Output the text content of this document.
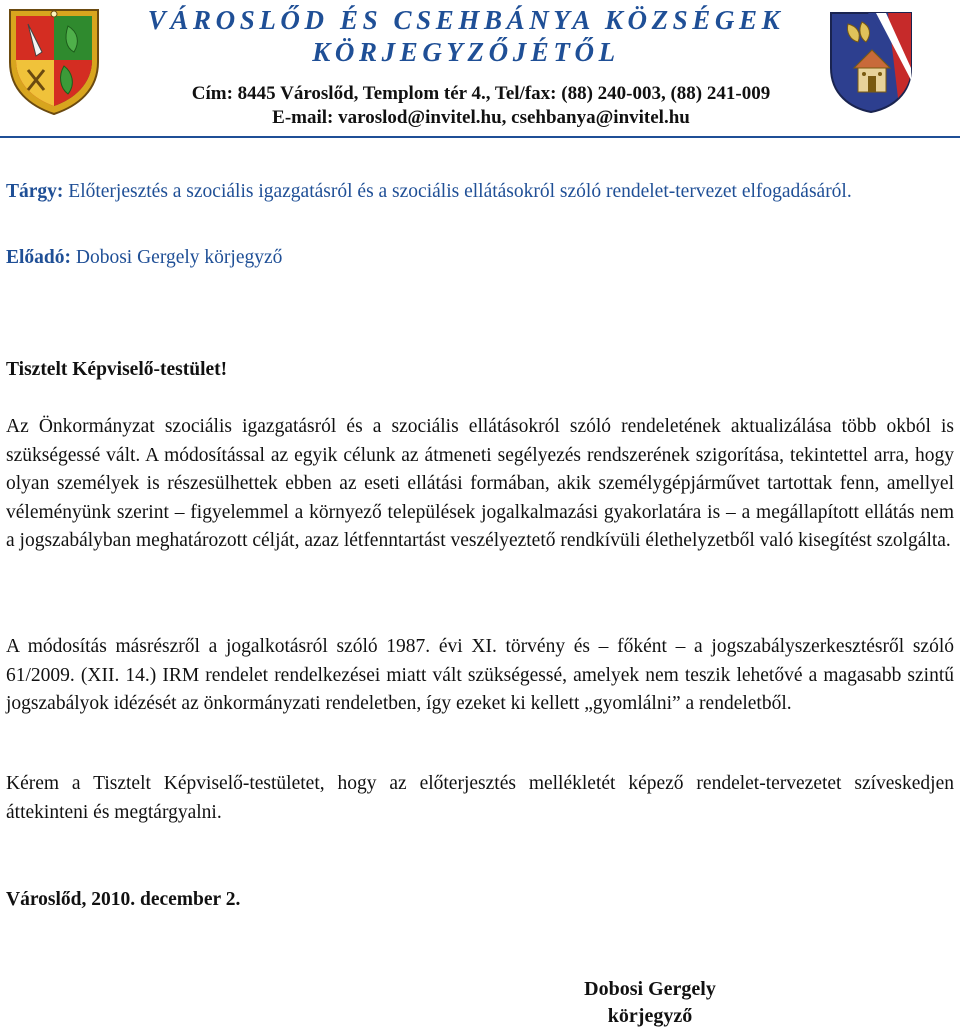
VÁROSLŐD ÉS CSEHBÁNYA KÖZSÉGEK
KÖRJEGYZŐJÉTŐL
Cím: 8445 Városlőd, Templom tér 4., Tel/fax: (88) 240-003, (88) 241-009
E-mail: varoslod@invitel.hu, csehbanya@invitel.hu
Tárgy: Előterjesztés a szociális igazgatásról és a szociális ellátásokról szóló rendelet-tervezet elfogadásáról.
Előadó: Dobosi Gergely körjegyző
Tisztelt Képviselő-testület!
Az Önkormányzat szociális igazgatásról és a szociális ellátásokról szóló rendeletének aktualizálása több okból is szükségessé vált. A módosítással az egyik célunk az átmeneti segélyezés rendszerének szigorítása, tekintettel arra, hogy olyan személyek is részesülhettek ebben az eseti ellátási formában, akik személygépjárművet tartottak fenn, amellyel véleményünk szerint – figyelemmel a környező települések jogalkalmazási gyakorlatára is – a megállapított ellátás nem a jogszabályban meghatározott célját, azaz létfenntartást veszélyeztető rendkívüli élethelyzetből való kisegítést szolgálta.
A módosítás másrészről a jogalkotásról szóló 1987. évi XI. törvény és – főként – a jogszabályszerkesztésről szóló 61/2009. (XII. 14.) IRM rendelet rendelkezései miatt vált szükségessé, amelyek nem teszik lehetővé a magasabb szintű jogszabályok idézését az önkormányzati rendeletben, így ezeket ki kellett „gyomlálni” a rendeletből.
Kérem a Tisztelt Képviselő-testületet, hogy az előterjesztés mellékletét képező rendelet-tervezetet szíveskedjen áttekinteni és megtárgyalni.
Városlőd, 2010. december 2.
Dobosi Gergely
körjegyző
